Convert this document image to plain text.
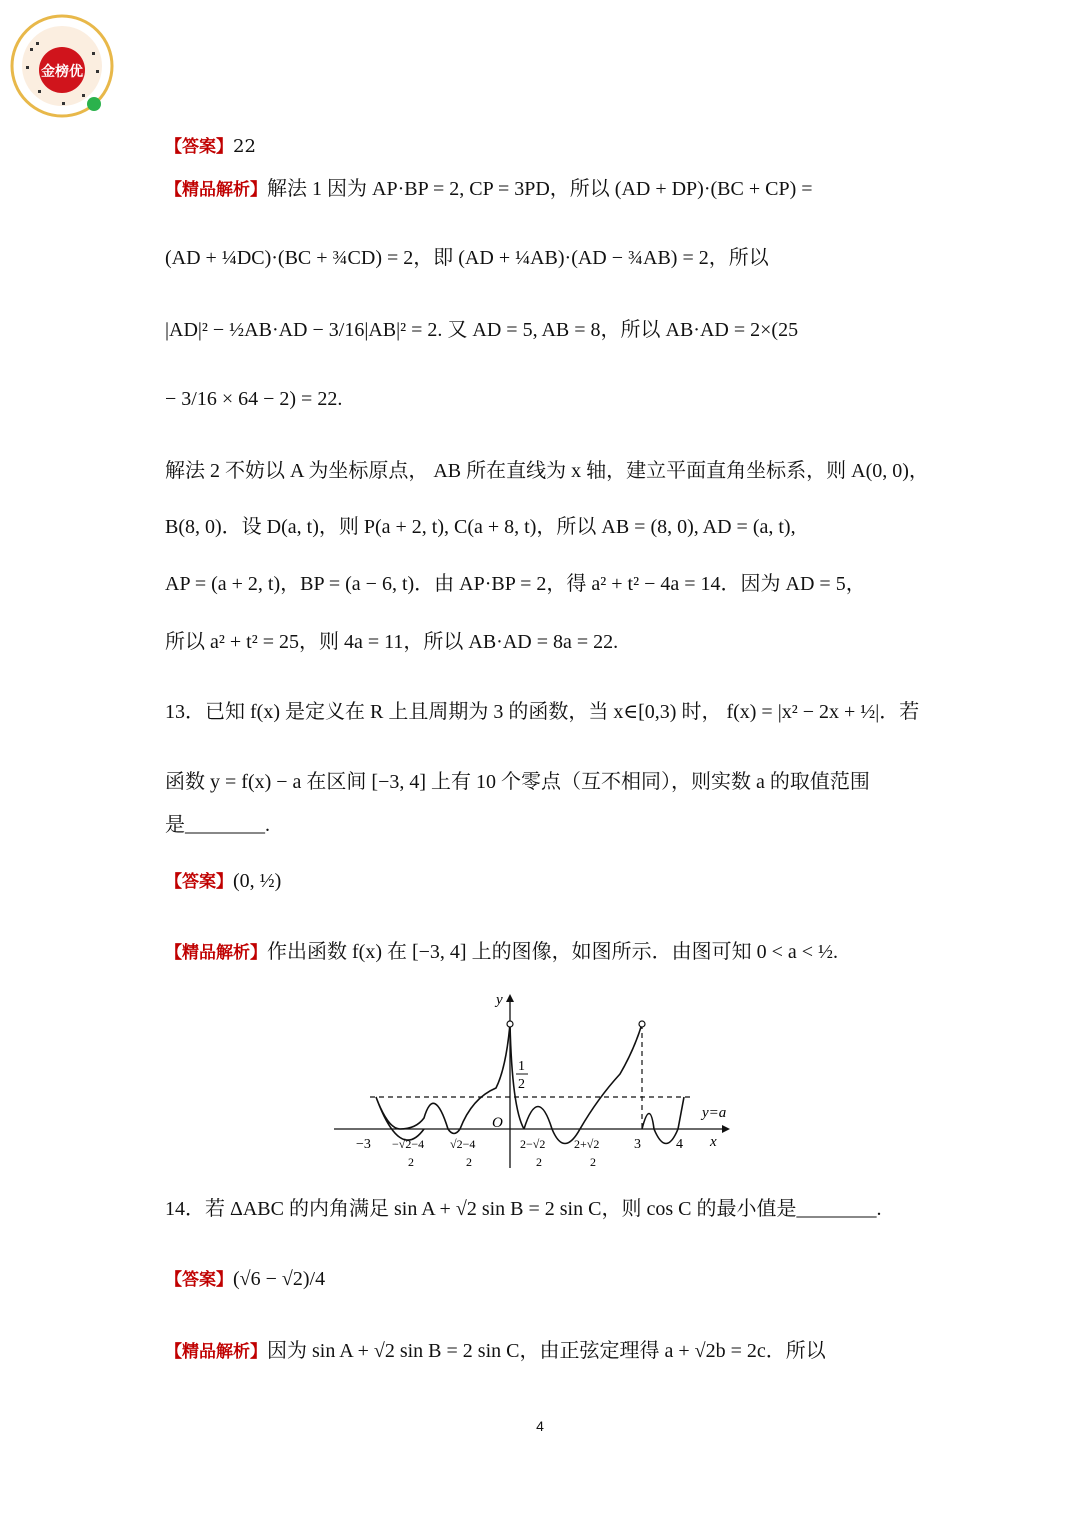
金榜优
【答案】22
【精品解析】解法 1 因为 AP·BP = 2, CP = 3PD，所以 (AD + DP)·(BC + CP) =
(AD + ¼DC)·(BC + ¾CD) = 2，即 (AD + ¼AB)·(AD − ¾AB) = 2，所以
|AD|² − ½AB·AD − 3/16|AB|² = 2. 又 AD = 5, AB = 8，所以 AB·AD = 2×(25
− 3/16 × 64 − 2) = 22.
解法 2 不妨以 A 为坐标原点， AB 所在直线为 x 轴，建立平面直角坐标系，则 A(0, 0)，
B(8, 0)．设 D(a, t)，则 P(a + 2, t), C(a + 8, t)，所以 AB = (8, 0), AD = (a, t),
AP = (a + 2, t)，BP = (a − 6, t)．由 AP·BP = 2，得 a² + t² − 4a = 14．因为 AD = 5，
所以 a² + t² = 25，则 4a = 11，所以 AB·AD = 8a = 22.
13．已知 f(x) 是定义在 R 上且周期为 3 的函数，当 x∈[0,3) 时， f(x) = |x² − 2x + ½|．若
函数 y = f(x) − a 在区间 [−3, 4] 上有 10 个零点（互不相同），则实数 a 的取值范围
是________.
【答案】(0, ½)
【精品解析】作出函数 f(x) 在 [−3, 4] 上的图像，如图所示．由图可知 0 < a < ½.
y
x
O
1
2
y=a
−3 −√2−4 √2−4	2−√2 2+√2 3	4
2	2	2	2
14．若 ΔABC 的内角满足 sin A + √2 sin B = 2 sin C，则 cos C 的最小值是________.
【答案】(√6 − √2)/4
【精品解析】因为 sin A + √2 sin B = 2 sin C，由正弦定理得 a + √2b = 2c．所以
4
